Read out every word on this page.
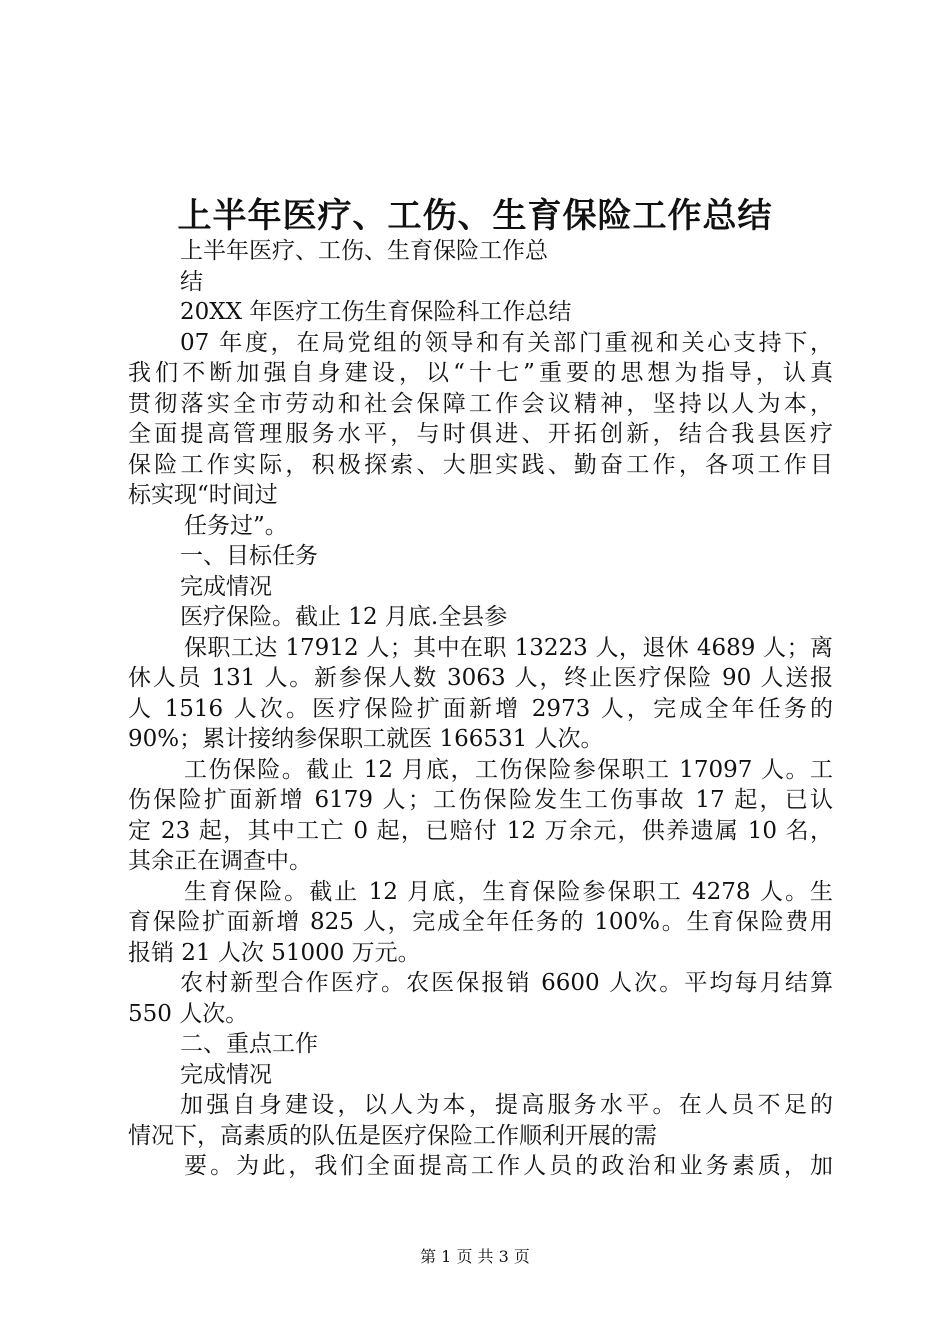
上半年医疗、工伤、生育保险工作总结
上半年医疗、工伤、生育保险工作总
结
20XX 年医疗工伤生育保险科工作总结
07 年度，在局党组的领导和有关部门重视和关心支持下，
我们不断加强自身建设，以“十七”重要的思想为指导，认真
贯彻落实全市劳动和社会保障工作会议精神，坚持以人为本，
全面提高管理服务水平，与时俱进、开拓创新，结合我县医疗
保险工作实际，积极探索、大胆实践、勤奋工作，各项工作目
标实现“时间过
任务过”。
一、目标任务
完成情况
医疗保险。截止 12 月底.全县参
保职工达 17912 人；其中在职 13223 人，退休 4689 人；离
休人员 131 人。新参保人数 3063 人，终止医疗保险 90 人送报
人 1516 人次。医疗保险扩面新增 2973 人，完成全年任务的
90%；累计接纳参保职工就医 166531 人次。
工伤保险。截止 12 月底，工伤保险参保职工 17097 人。工
伤保险扩面新增 6179 人；工伤保险发生工伤事故 17 起，已认
定 23 起，其中工亡 0 起，已赔付 12 万余元，供养遗属 10 名，
其余正在调查中。
生育保险。截止 12 月底，生育保险参保职工 4278 人。生
育保险扩面新增 825 人，完成全年任务的 100%。生育保险费用
报销 21 人次 51000 万元。
农村新型合作医疗。农医保报销 6600 人次。平均每月结算
550 人次。
二、重点工作
完成情况
加强自身建设，以人为本，提高服务水平。在人员不足的
情况下，高素质的队伍是医疗保险工作顺利开展的需
要。为此，我们全面提高工作人员的政治和业务素质，加
第 1 页 共 3 页
